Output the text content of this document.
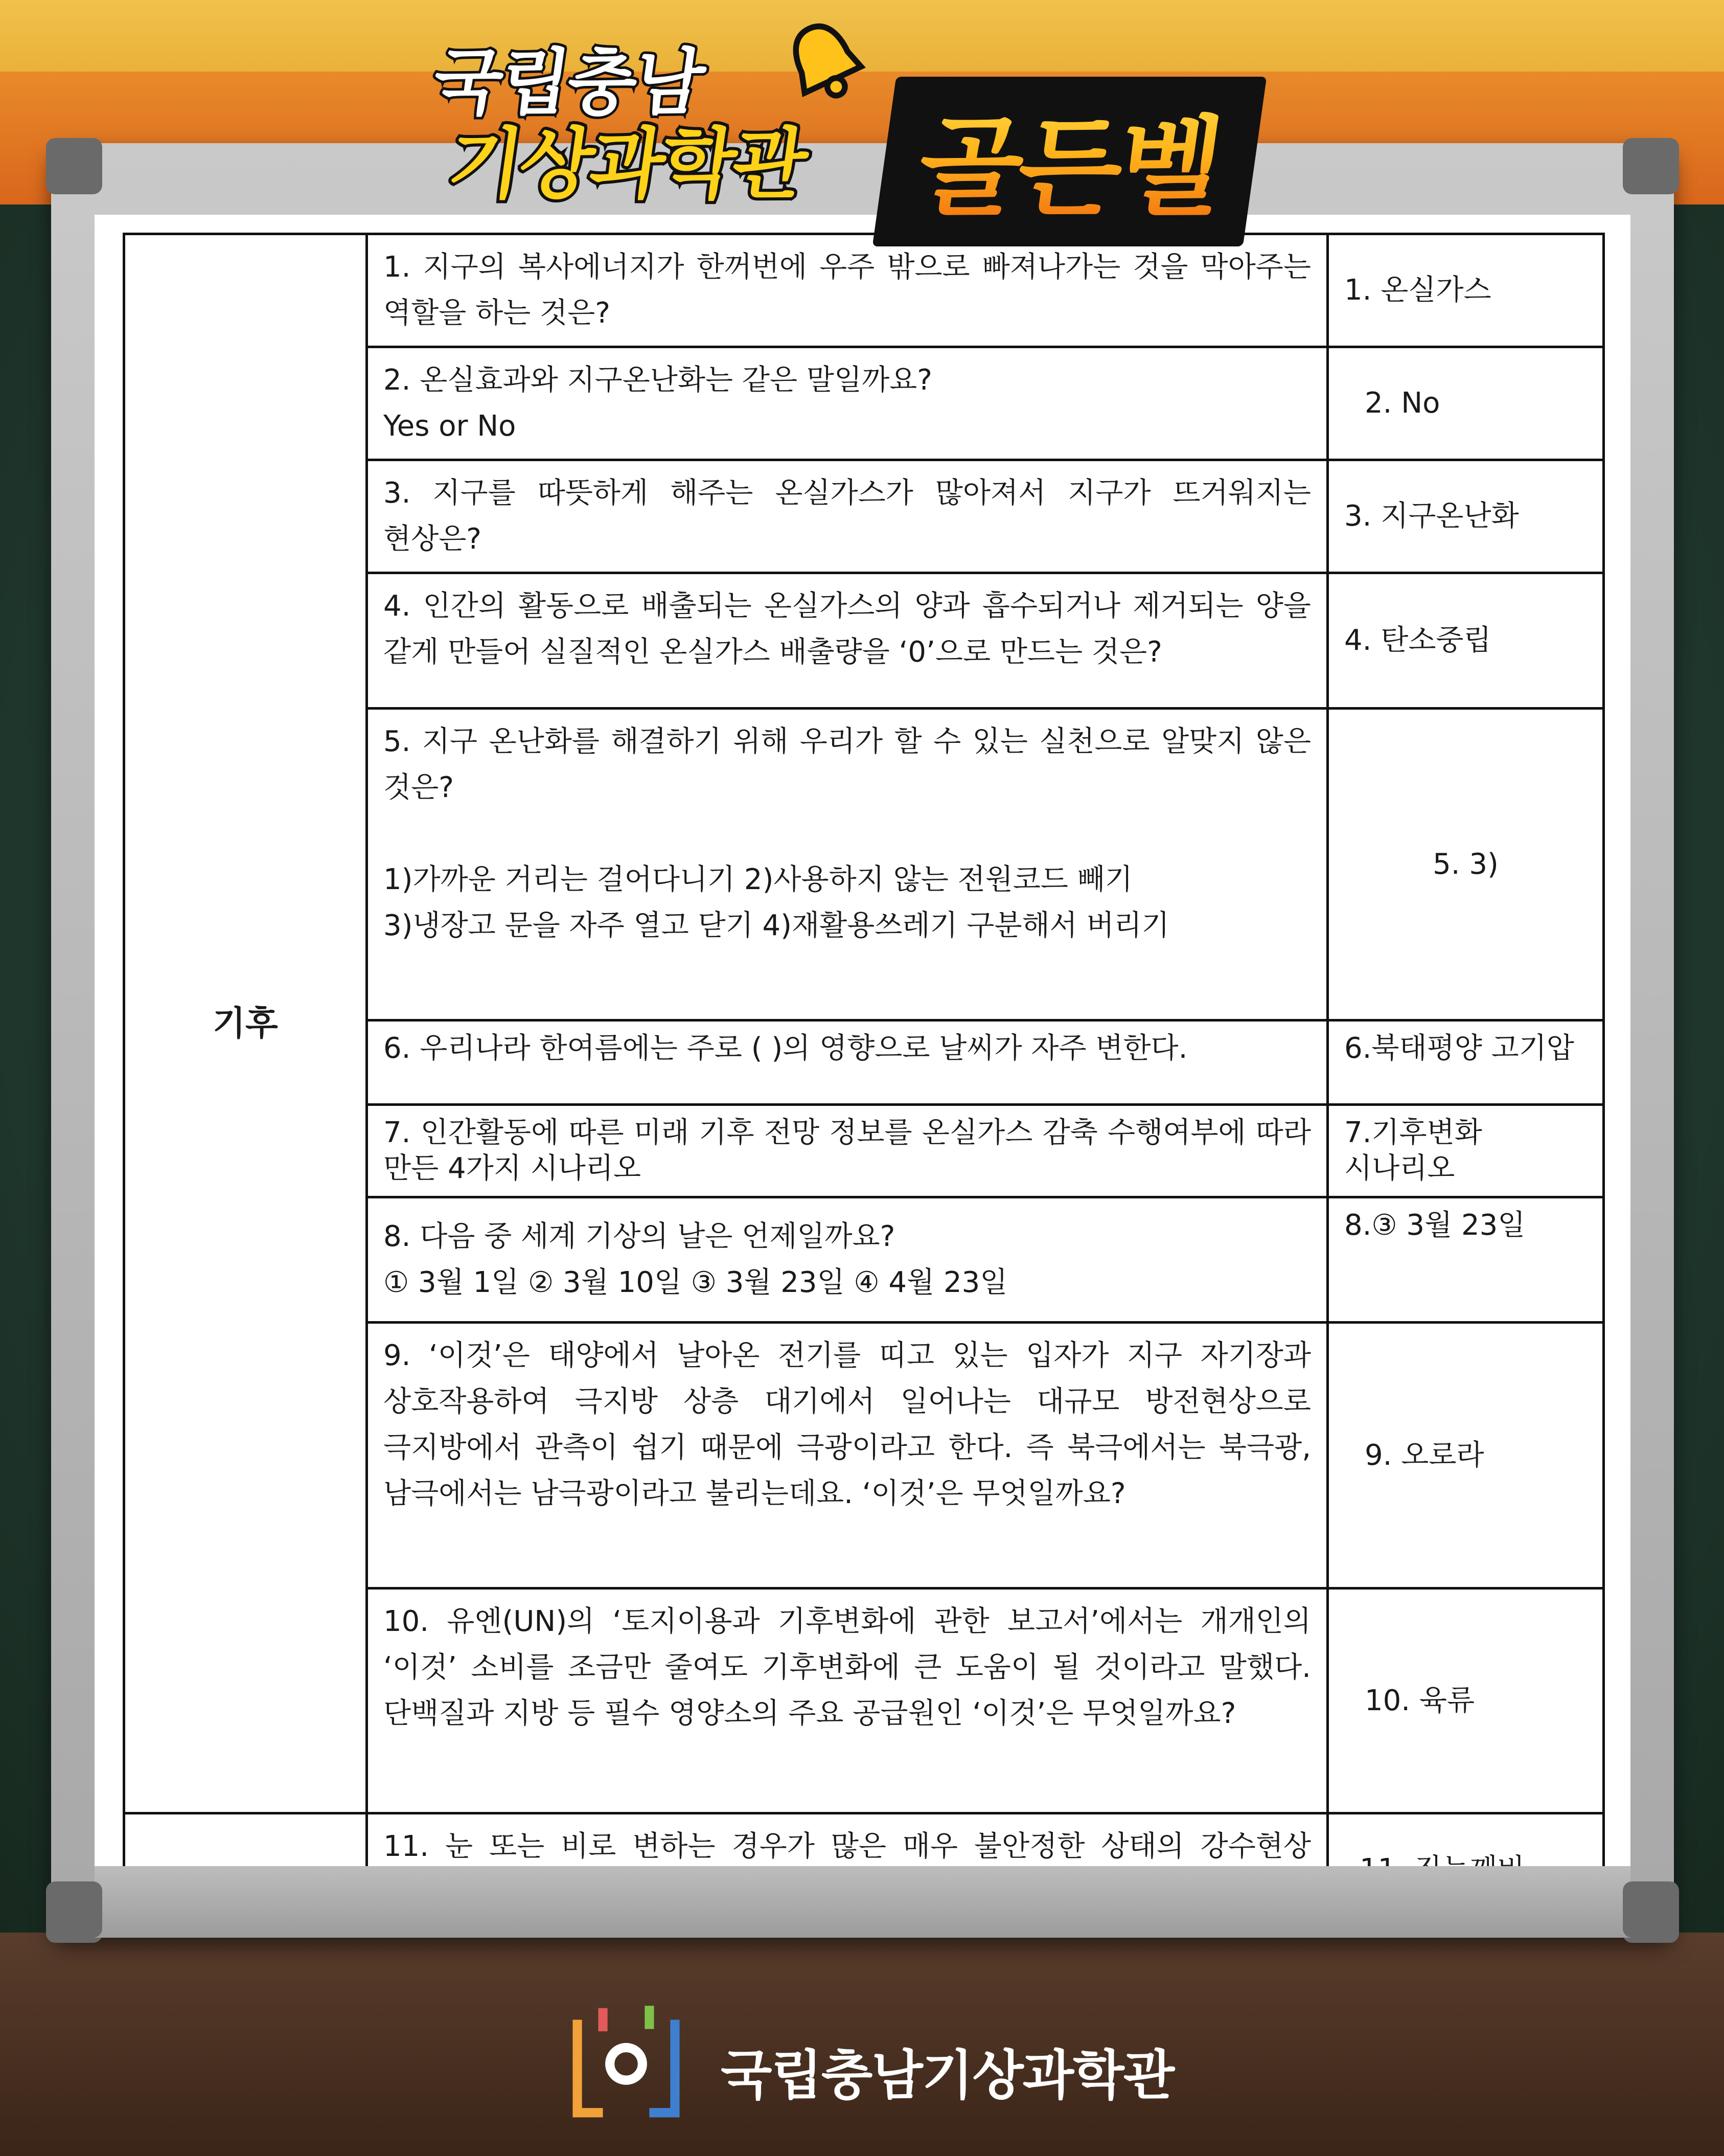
기후	1. 지구의 복사에너지가 한꺼번에 우주 밖으로 빠져나가는 것을 막아주는 역할을 하는 것은?	1. 온실가스

	2. 온실효과와 지구온난화는 같은 말일까요?
Yes or No	2. No

	3. 지구를 따뜻하게 해주는 온실가스가 많아져서 지구가 뜨거워지는 현상은?	3. 지구온난화

	4. 인간의 활동으로 배출되는 온실가스의 양과 흡수되거나 제거되는 양을 같게 만들어 실질적인 온실가스 배출량을 ‘0’으로 만드는 것은?	4. 탄소중립

	5. 지구 온난화를 해결하기 위해 우리가 할 수 있는 실천으로 알맞지 않은 것은?
1)가까운 거리는 걸어다니기 2)사용하지 않는 전원코드 빼기
3)냉장고 문을 자주 열고 닫기 4)재활용쓰레기 구분해서 버리기	5. 3)

	6. 우리나라 한여름에는 주로 ( )의 영향으로 날씨가 자주 변한다.	6.북태평양 고기압

	7. 인간활동에 따른 미래 기후 전망 정보를 온실가스 감축 수행여부에 따라 만든 4가지 시나리오	7.기후변화 시나리오

	8. 다음 중 세계 기상의 날은 언제일까요?
① 3월 1일 ② 3월 10일 ③ 3월 23일 ④ 4월 23일	8.③ 3월 23일

	9. ‘이것’은 태양에서 날아온 전기를 띠고 있는 입자가 지구 자기장과 상호작용하여 극지방 상층 대기에서 일어나는 대규모 방전현상으로 극지방에서 관측이 쉽기 때문에 극광이라고 한다. 즉 북극에서는 북극광, 남극에서는 남극광이라고 불리는데요. ‘이것’은 무엇일까요?	9. 오로라

	10. 유엔(UN)의 ‘토지이용과 기후변화에 관한 보고서’에서는 개개인의 ‘이것’ 소비를 조금만 줄여도 기후변화에 큰 도움이 될 것이라고 말했다. 단백질과 지방 등 필수 영양소의 주요 공급원인 ‘이것’은 무엇일까요?	10. 육류

	11. 눈 또는 비로 변하는 경우가 많은 매우 불안정한 상태의 강수현상

국립충남
기상과학관 골든벨
국립충남기상과학관
